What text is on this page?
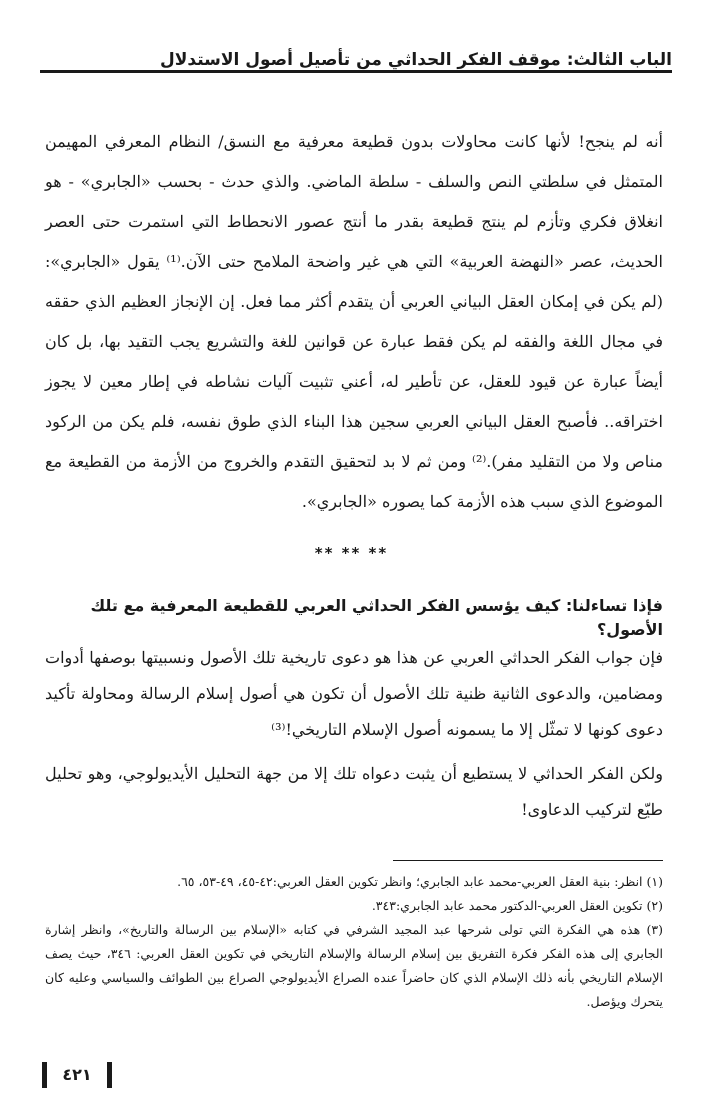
الباب الثالث: موقف الفكر الحداثي من تأصيل أصول الاستدلال

أنه لم ينجح! لأنها كانت محاولات بدون قطيعة معرفية مع النسق/ النظام المعرفي المهيمن المتمثل في سلطتي النص والسلف - سلطة الماضي. والذي حدث - بحسب «الجابري» - هو انغلاق فكري وتأزم لم ينتج قطيعة بقدر ما أنتج عصور الانحطاط التي استمرت حتى العصر الحديث، عصر «النهضة العربية» التي هي غير واضحة الملامح حتى الآن.⁽¹⁾ يقول «الجابري»: (لم يكن في إمكان العقل البياني العربي أن يتقدم أكثر مما فعل. إن الإنجاز العظيم الذي حققه في مجال اللغة والفقه لم يكن فقط عبارة عن قوانين للغة والتشريع يجب التقيد بها، بل كان أيضاً عبارة عن قيود للعقل، عن تأطير له، أعني تثبيت آليات نشاطه في إطار معين لا يجوز اختراقه.. فأصبح العقل البياني العربي سجين هذا البناء الذي طوق نفسه، فلم يكن من الركود مناص ولا من التقليد مفر).⁽²⁾ ومن ثم لا بد لتحقيق التقدم والخروج من الأزمة من القطيعة مع الموضوع الذي سبب هذه الأزمة كما يصوره «الجابري».

** ** **
فإذا تساءلنا: كيف يؤسس الفكر الحداثي العربي للقطيعة المعرفية مع تلك الأصول؟

فإن جواب الفكر الحداثي العربي عن هذا هو دعوى تاريخية تلك الأصول ونسبيتها بوصفها أدوات ومضامين، والدعوى الثانية ظنية تلك الأصول أن تكون هي أصول إسلام الرسالة ومحاولة تأكيد دعوى كونها لا تمثّل إلا ما يسمونه أصول الإسلام التاريخي!⁽³⁾

ولكن الفكر الحداثي لا يستطيع أن يثبت دعواه تلك إلا من جهة التحليل الأيديولوجي، وهو تحليل طيّع لتركيب الدعاوى!

(١) انظر: بنية العقل العربي-محمد عابد الجابري؛ وانظر تكوين العقل العربي:٤٢-٤٥، ٤٩-٥٣، ٦٥.

(٢) تكوين العقل العربي-الدكتور محمد عابد الجابري:٣٤٣.

(٣) هذه هي الفكرة التي تولى شرحها عبد المجيد الشرفي في كتابه «الإسلام بين الرسالة والتاريخ»، وانظر إشارة الجابري إلى هذه الفكر فكرة التفريق بين إسلام الرسالة والإسلام التاريخي في تكوين العقل العربي: ٣٤٦، حيث يصف الإسلام التاريخي بأنه ذلك الإسلام الذي كان حاضراً عنده الصراع الأيديولوجي الصراع بين الطوائف والسياسي وعليه كان يتحرك ويؤصل.

٤٢١
